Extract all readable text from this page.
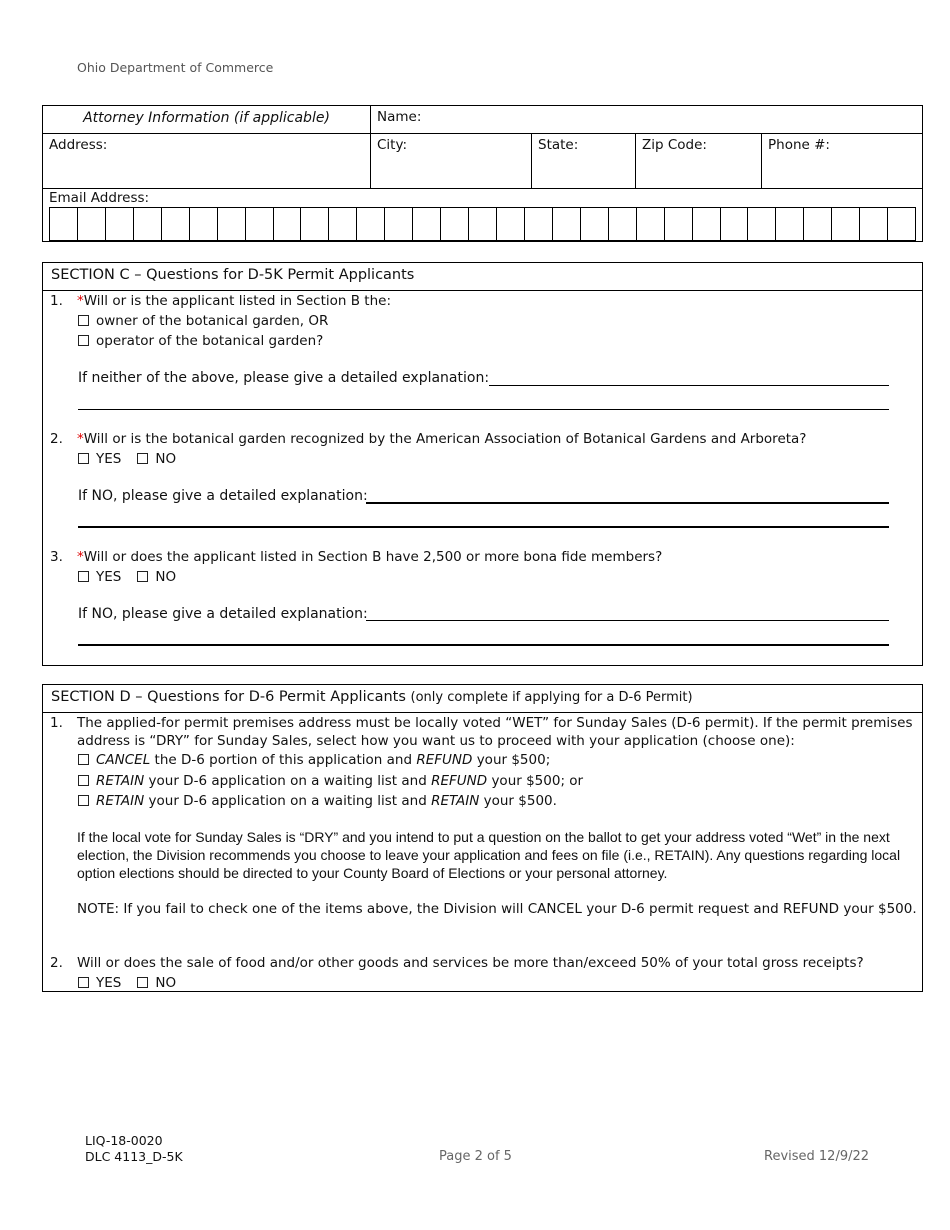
Ohio Department of Commerce
Attorney Information (if applicable)	Name:
Address:	City:	State:	Zip Code:	Phone #:
Email Address:
SECTION C – Questions for D-5K Permit Applicants
1. *Will or is the applicant listed in Section B the:
owner of the botanical garden, OR
operator of the botanical garden?
If neither of the above, please give a detailed explanation:
2. *Will or is the botanical garden recognized by the American Association of Botanical Gardens and Arboreta?
YES	NO
If NO, please give a detailed explanation:
3. *Will or does the applicant listed in Section B have 2,500 or more bona fide members?
YES	NO
If NO, please give a detailed explanation:
SECTION D – Questions for D-6 Permit Applicants (only complete if applying for a D-6 Permit)
1. The applied-for permit premises address must be locally voted “WET” for Sunday Sales (D-6 permit). If the permit premises address is “DRY” for Sunday Sales, select how you want us to proceed with your application (choose one):
CANCEL the D-6 portion of this application and REFUND your $500;
RETAIN your D-6 application on a waiting list and REFUND your $500; or
RETAIN your D-6 application on a waiting list and RETAIN your $500.
If the local vote for Sunday Sales is “DRY” and you intend to put a question on the ballot to get your address voted “Wet” in the next election, the Division recommends you choose to leave your application and fees on file (i.e., RETAIN). Any questions regarding local option elections should be directed to your County Board of Elections or your personal attorney.
NOTE: If you fail to check one of the items above, the Division will CANCEL your D-6 permit request and REFUND your $500.
2. Will or does the sale of food and/or other goods and services be more than/exceed 50% of your total gross receipts?
YES	NO
LIQ-18-0020
DLC 4113_D-5K	Page 2 of 5	Revised 12/9/22
